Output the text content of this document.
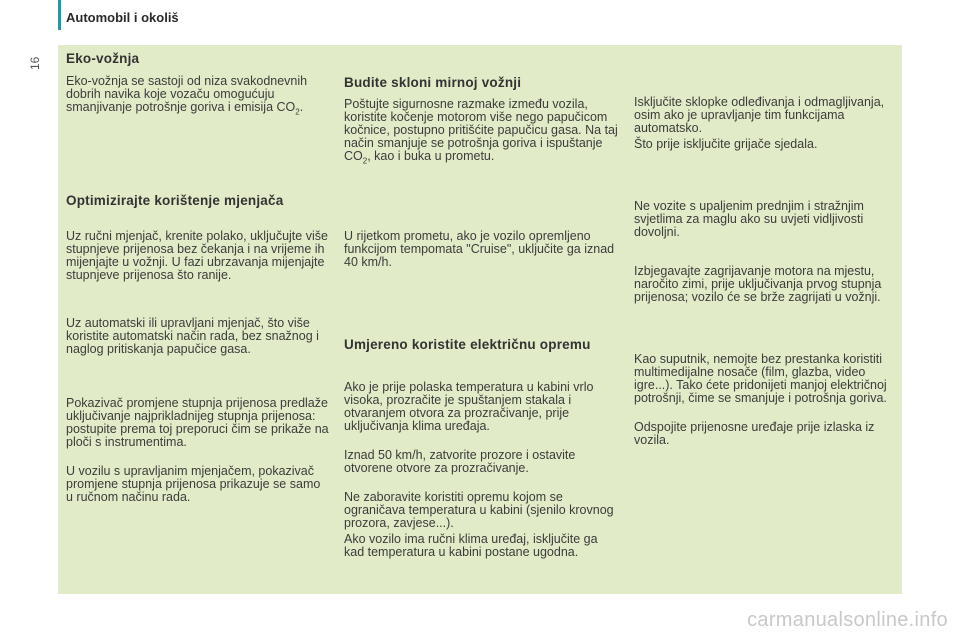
Automobil i okoliš
16 Eko-vožnja

Eko-vožnja se sastoji od niza svakodnevnih dobrih navika koje vozaču omogućuju smanjivanje potrošnje goriva i emisija $CO_2$.

Optimizirajte korištenje mjenjača

Uz ručni mjenjač, krenite polako, uključujte više stupnjeve prijenosa bez čekanja i na vrijeme ih mijenjajte u vožnji. U fazi ubrzavanja mijenjajte stupnjeve prijenosa što ranije.

Uz automatski ili upravljani mjenjač, što više koristite automatski način rada, bez snažnog i naglog pritiskanja papučice gasa.

Pokazivač promjene stupnja prijenosa predlaže uključivanje najprikladnijeg stupnja prijenosa: postupite prema toj preporuci čim se prikaže na ploči s instrumentima.

U vozilu s upravljanim mjenjačem, pokazivač promjene stupnja prijenosa prikazuje se samo u ručnom načinu rada.

Budite skloni mirnoj vožnji

Poštujte sigurnosne razmake između vozila, koristite kočenje motorom više nego papučicom kočnice, postupno pritišćite papučicu gasa. Na taj način smanjuje se potrošnja goriva i ispuštanje $CO_2$, kao i buka u prometu.

U rijetkom prometu, ako je vozilo opremljeno funkcijom tempomata "Cruise", uključite ga iznad 40 km/h.

Umjereno koristite električnu opremu

Ako je prije polaska temperatura u kabini vrlo visoka, prozračite je spuštanjem stakala i otvaranjem otvora za prozračivanje, prije uključivanja klima uređaja.

Iznad 50 km/h, zatvorite prozore i ostavite otvorene otvore za prozračivanje.

Ne zaboravite koristiti opremu kojom se ograničava temperatura u kabini (sjenilo krovnog prozora, zavjese...).

Ako vozilo ima ručni klima uređaj, isključite ga kad temperatura u kabini postane ugodna.

Isključite sklopke odleđivanja i odmagljivanja, osim ako je upravljanje tim funkcijama automatsko.

Što prije isključite grijače sjedala.

Ne vozite s upaljenim prednjim i stražnjim svjetlima za maglu ako su uvjeti vidljivosti dovoljni.

Izbjegavajte zagrijavanje motora na mjestu, naročito zimi, prije uključivanja prvog stupnja prijenosa; vozilo će se brže zagrijati u vožnji.

Kao suputnik, nemojte bez prestanka koristiti multimedijalne nosače (film, glazba, video igre...). Tako ćete pridonijeti manjoj električnoj potrošnji, čime se smanjuje i potrošnja goriva.

Odspojite prijenosne uređaje prije izlaska iz vozila.

carmanualsonline.info
